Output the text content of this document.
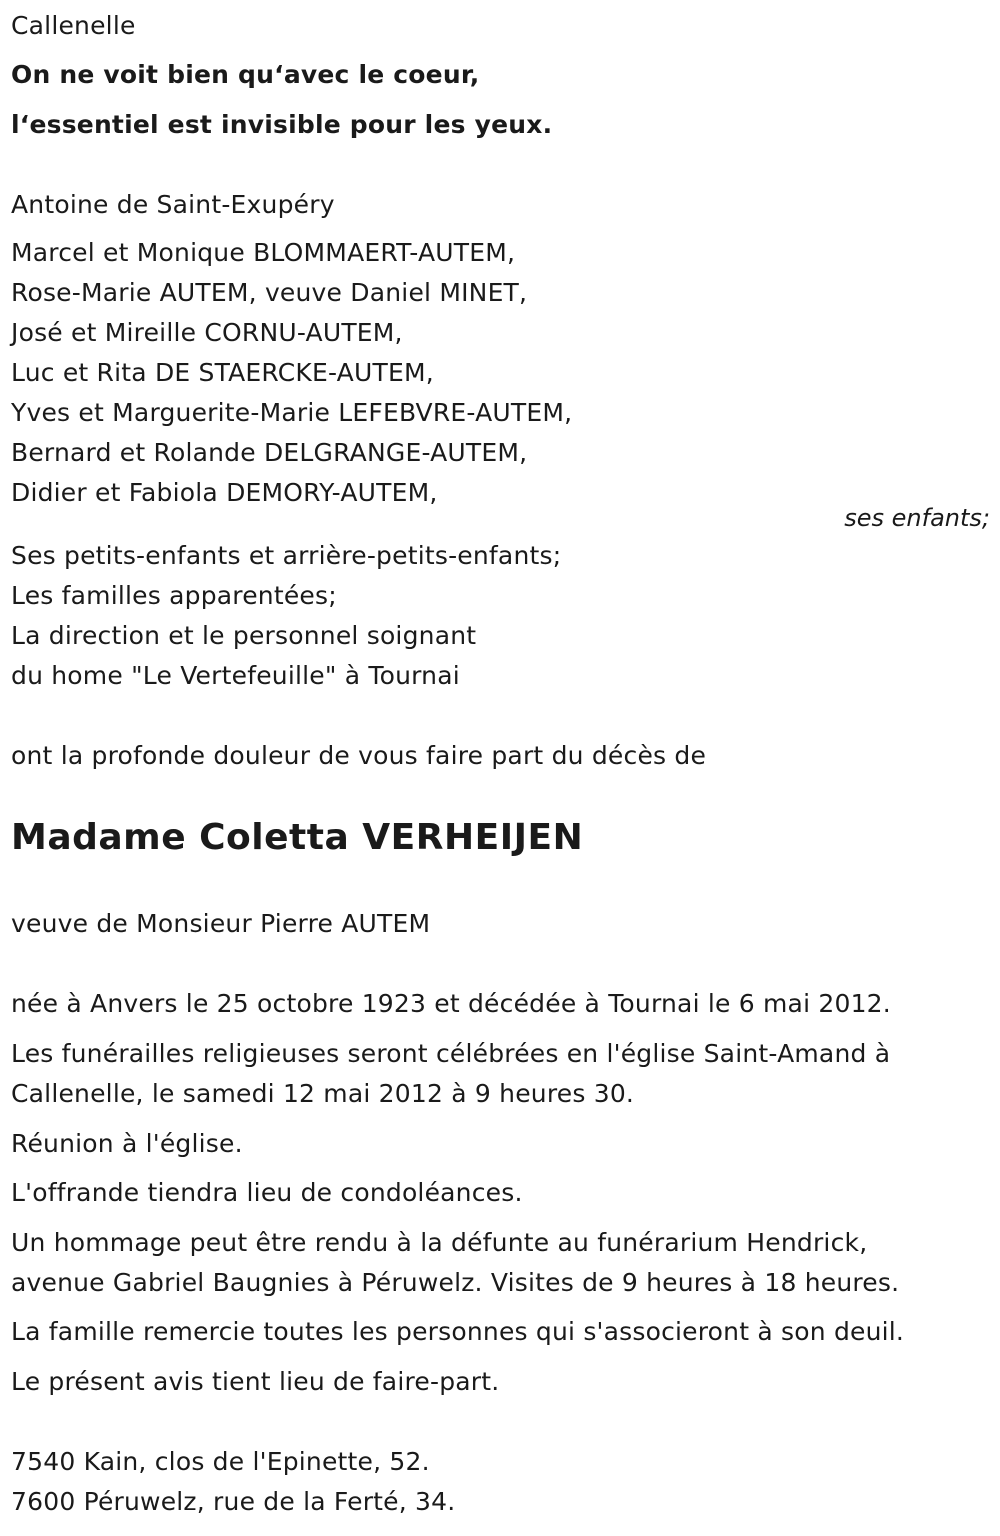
Callenelle
On ne voit bien qu‘avec le coeur,
l‘essentiel est invisible pour les yeux.
Antoine de Saint-Exupéry
Marcel et Monique BLOMMAERT-AUTEM,
Rose-Marie AUTEM, veuve Daniel MINET,
José et Mireille CORNU-AUTEM,
Luc et Rita DE STAERCKE-AUTEM,
Yves et Marguerite-Marie LEFEBVRE-AUTEM,
Bernard et Rolande DELGRANGE-AUTEM,
Didier et Fabiola DEMORY-AUTEM,
ses enfants;
Ses petits-enfants et arrière-petits-enfants;
Les familles apparentées;
La direction et le personnel soignant
du home "Le Vertefeuille" à Tournai
ont la profonde douleur de vous faire part du décès de
Madame Coletta VERHEIJEN
veuve de Monsieur Pierre AUTEM
née à Anvers le 25 octobre 1923 et décédée à Tournai le 6 mai 2012.
Les funérailles religieuses seront célébrées en l'église Saint-Amand à
Callenelle, le samedi 12 mai 2012 à 9 heures 30.
Réunion à l'église.
L'offrande tiendra lieu de condoléances.
Un hommage peut être rendu à la défunte au funérarium Hendrick,
avenue Gabriel Baugnies à Péruwelz. Visites de 9 heures à 18 heures.
La famille remercie toutes les personnes qui s'associeront à son deuil.
Le présent avis tient lieu de faire-part.
7540 Kain, clos de l'Epinette, 52.
7600 Péruwelz, rue de la Ferté, 34.
